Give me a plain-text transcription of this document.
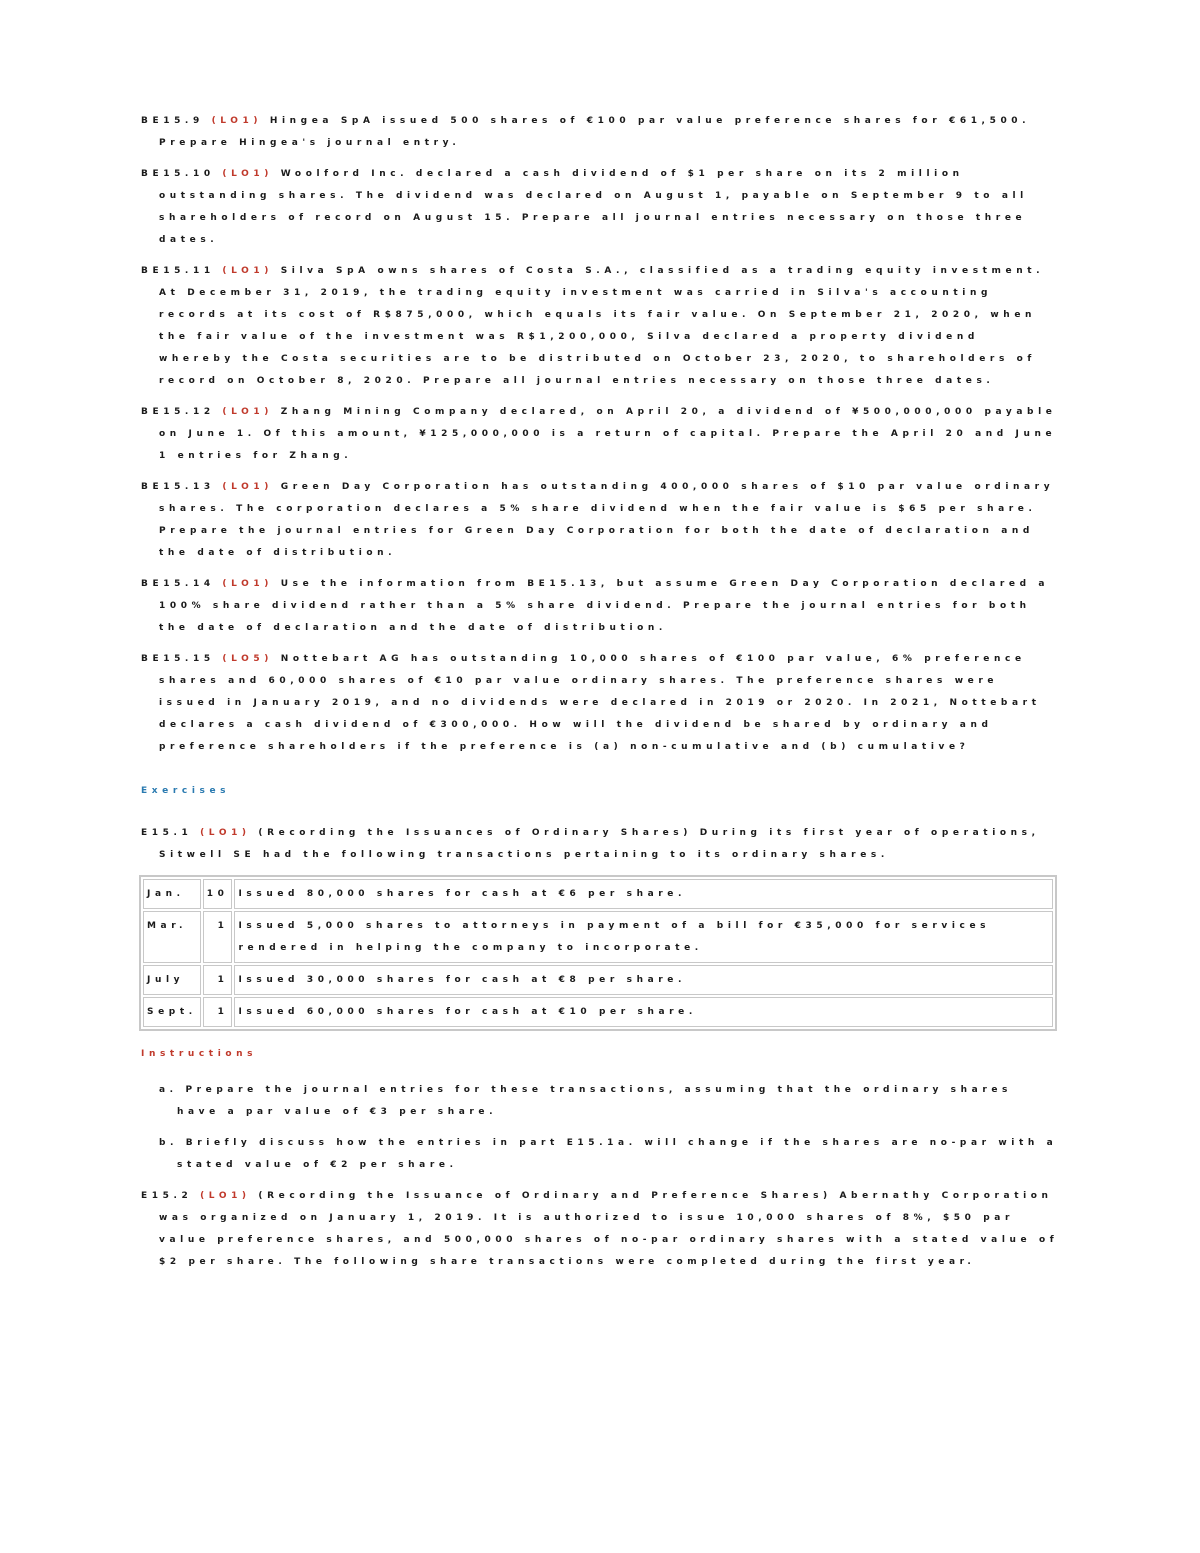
BE15.9 (LO1) Hingea SpA issued 500 shares of €100 par value preference shares for €61,500. Prepare Hingea's journal entry.

BE15.10 (LO1) Woolford Inc. declared a cash dividend of $1 per share on its 2 million outstanding shares. The dividend was declared on August 1, payable on September 9 to all shareholders of record on August 15. Prepare all journal entries necessary on those three dates.

BE15.11 (LO1) Silva SpA owns shares of Costa S.A., classified as a trading equity investment. At December 31, 2019, the trading equity investment was carried in Silva's accounting records at its cost of R$875,000, which equals its fair value. On September 21, 2020, when the fair value of the investment was R$1,200,000, Silva declared a property dividend whereby the Costa securities are to be distributed on October 23, 2020, to shareholders of record on October 8, 2020. Prepare all journal entries necessary on those three dates.

BE15.12 (LO1) Zhang Mining Company declared, on April 20, a dividend of ¥500,000,000 payable on June 1. Of this amount, ¥125,000,000 is a return of capital. Prepare the April 20 and June 1 entries for Zhang.

BE15.13 (LO1) Green Day Corporation has outstanding 400,000 shares of $10 par value ordinary shares. The corporation declares a 5% share dividend when the fair value is $65 per share. Prepare the journal entries for Green Day Corporation for both the date of declaration and the date of distribution.

BE15.14 (LO1) Use the information from BE15.13, but assume Green Day Corporation declared a 100% share dividend rather than a 5% share dividend. Prepare the journal entries for both the date of declaration and the date of distribution.

BE15.15 (LO5) Nottebart AG has outstanding 10,000 shares of €100 par value, 6% preference shares and 60,000 shares of €10 par value ordinary shares. The preference shares were issued in January 2019, and no dividends were declared in 2019 or 2020. In 2021, Nottebart declares a cash dividend of €300,000. How will the dividend be shared by ordinary and preference shareholders if the preference is (a) non-cumulative and (b) cumulative?

Exercises

E15.1 (LO1) (Recording the Issuances of Ordinary Shares) During its first year of operations, Sitwell SE had the following transactions pertaining to its ordinary shares.

Jan.	10	Issued 80,000 shares for cash at €6 per share.
Mar.	1	Issued 5,000 shares to attorneys in payment of a bill for €35,000 for services rendered in helping the company to incorporate.
July	1	Issued 30,000 shares for cash at €8 per share.
Sept.	1	Issued 60,000 shares for cash at €10 per share.
Instructions

a. Prepare the journal entries for these transactions, assuming that the ordinary shares have a par value of €3 per share.

b. Briefly discuss how the entries in part E15.1a. will change if the shares are no-par with a stated value of €2 per share.

E15.2 (LO1) (Recording the Issuance of Ordinary and Preference Shares) Abernathy Corporation was organized on January 1, 2019. It is authorized to issue 10,000 shares of 8%, $50 par value preference shares, and 500,000 shares of no-par ordinary shares with a stated value of $2 per share. The following share transactions were completed during the first year.
